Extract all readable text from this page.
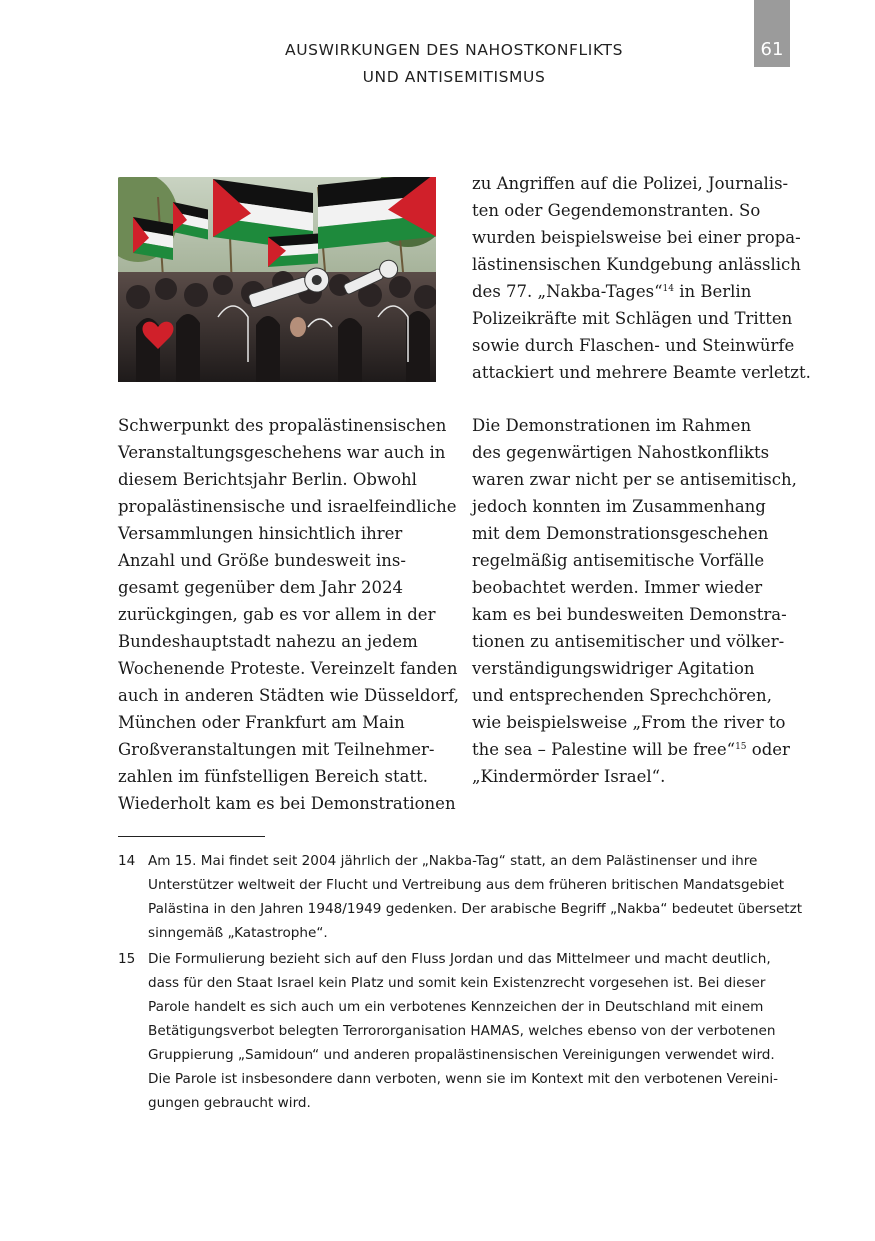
AUSWIRKUNGEN DES NAHOSTKONFLIKTS
UND ANTISEMITISMUS
61
zu Angriffen auf die Polizei, Journalis-
ten oder Gegendemonstranten. So
wurden beispielsweise bei einer propa-
lästinensischen Kundgebung anlässlich
des 77. „Nakba-Tages“$^{14}$ in Berlin
Polizeikräfte mit Schlägen und Tritten
sowie durch Flaschen- und Steinwürfe
attackiert und mehrere Beamte verletzt.
Schwerpunkt des propalästinensischen
Veranstaltungsgeschehens war auch in
diesem Berichtsjahr Berlin. Obwohl
propalästinensische und israelfeindliche
Versammlungen hinsichtlich ihrer
Anzahl und Größe bundesweit ins-
gesamt gegenüber dem Jahr 2024
zurückgingen, gab es vor allem in der
Bundeshauptstadt nahezu an jedem
Wochenende Proteste. Vereinzelt fanden
auch in anderen Städten wie Düsseldorf,
München oder Frankfurt am Main
Großveranstaltungen mit Teilnehmer-
zahlen im fünfstelligen Bereich statt.
Wiederholt kam es bei Demonstrationen
Die Demonstrationen im Rahmen
des gegenwärtigen Nahostkonflikts
waren zwar nicht per se antisemitisch,
jedoch konnten im Zusammenhang
mit dem Demonstrationsgeschehen
regelmäßig antisemitische Vorfälle
beobachtet werden. Immer wieder
kam es bei bundesweiten Demonstra-
tionen zu antisemitischer und völker-
verständigungswidriger Agitation
und entsprechenden Sprechchören,
wie beispielsweise „From the river to
the sea – Palestine will be free“$^{15}$ oder
„Kindermörder Israel“.
14 Am 15. Mai findet seit 2004 jährlich der „Nakba-Tag“ statt, an dem Palästinenser und ihre
Unterstützer weltweit der Flucht und Vertreibung aus dem früheren britischen Mandatsgebiet
Palästina in den Jahren 1948/1949 gedenken. Der arabische Begriff „Nakba“ bedeutet übersetzt
sinngemäß „Katastrophe“.
15 Die Formulierung bezieht sich auf den Fluss Jordan und das Mittelmeer und macht deutlich,
dass für den Staat Israel kein Platz und somit kein Existenzrecht vorgesehen ist. Bei dieser
Parole handelt es sich auch um ein verbotenes Kennzeichen der in Deutschland mit einem
Betätigungsverbot belegten Terrororganisation HAMAS, welches ebenso von der verbotenen
Gruppierung „Samidoun“ und anderen propalästinensischen Vereinigungen verwendet wird.
Die Parole ist insbesondere dann verboten, wenn sie im Kontext mit den verbotenen Vereini-
gungen gebraucht wird.
